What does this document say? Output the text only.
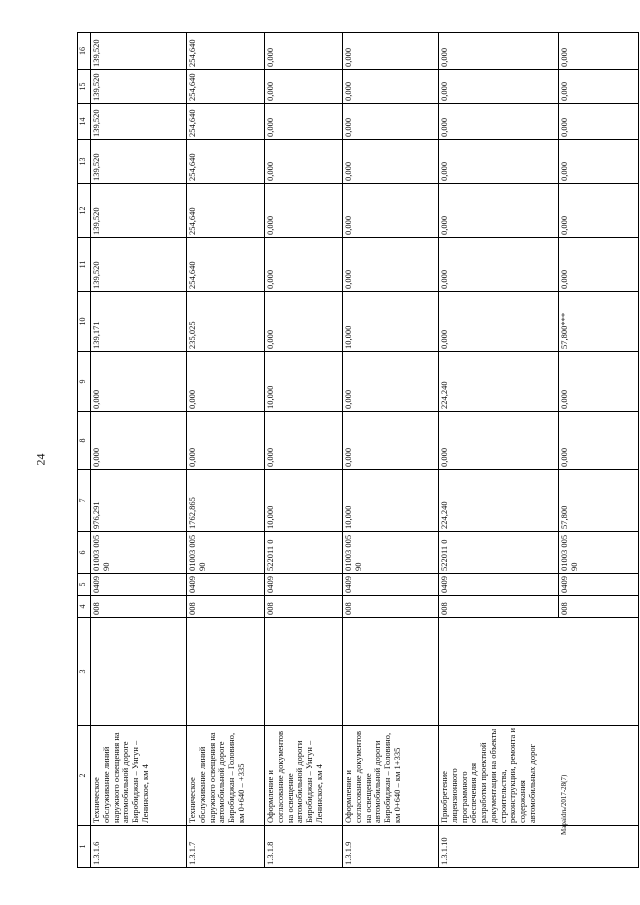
24
Мараidrь/2017-28(7)
1	2	3	4	5	6	7	8	9	10	11	12	13	14	15	16
1.3.1.6	Техническое обслуживание линий наружного освещения на автомобильной дороге Биробиджан – Унгун – Ленинское, км 4		008	0409	01003 00590	976,291	0,000	0,000	139,171	139,520	139,520	139,520	139,520	139,520	139,520
1.3.1.7	Техническое обслуживание линий наружного освещения на автомобильной дороге Биробиджан – Головино, км 0+640 – +335		008	0409	01003 00590	1762,865	0,000	0,000	235,025	254,640	254,640	254,640	254,640	254,640	254,640
1.3.1.8	Оформление и согласование документов на освещение автомобильной дороги Биробиджан – Унгун – Ленинское, км 4		008	0409	522011 0	10,000	0,000	10,000	0,000	0,000	0,000	0,000	0,000	0,000	0,000
1.3.1.9	Оформление и согласование документов на освещение автомобильной дороги Биробиджан – Головино, км 0+640 – км 1+335		008	0409	01003 00590	10,000	0,000	0,000	10,000	0,000	0,000	0,000	0,000	0,000	0,000
1.3.1.10	Приобретение лицензионного программного обеспечения для разработки проектной документации на объекты строительства, реконструкции, ремонта и содержания автомобильных дорог		008	0409	522011 0	224,240	0,000	224,240	0,000	0,000	0,000	0,000	0,000	0,000	0,000
			008	0409	01003 00590	57,800	0,000	0,000	57,800***	0,000	0,000	0,000	0,000	0,000	0,000
